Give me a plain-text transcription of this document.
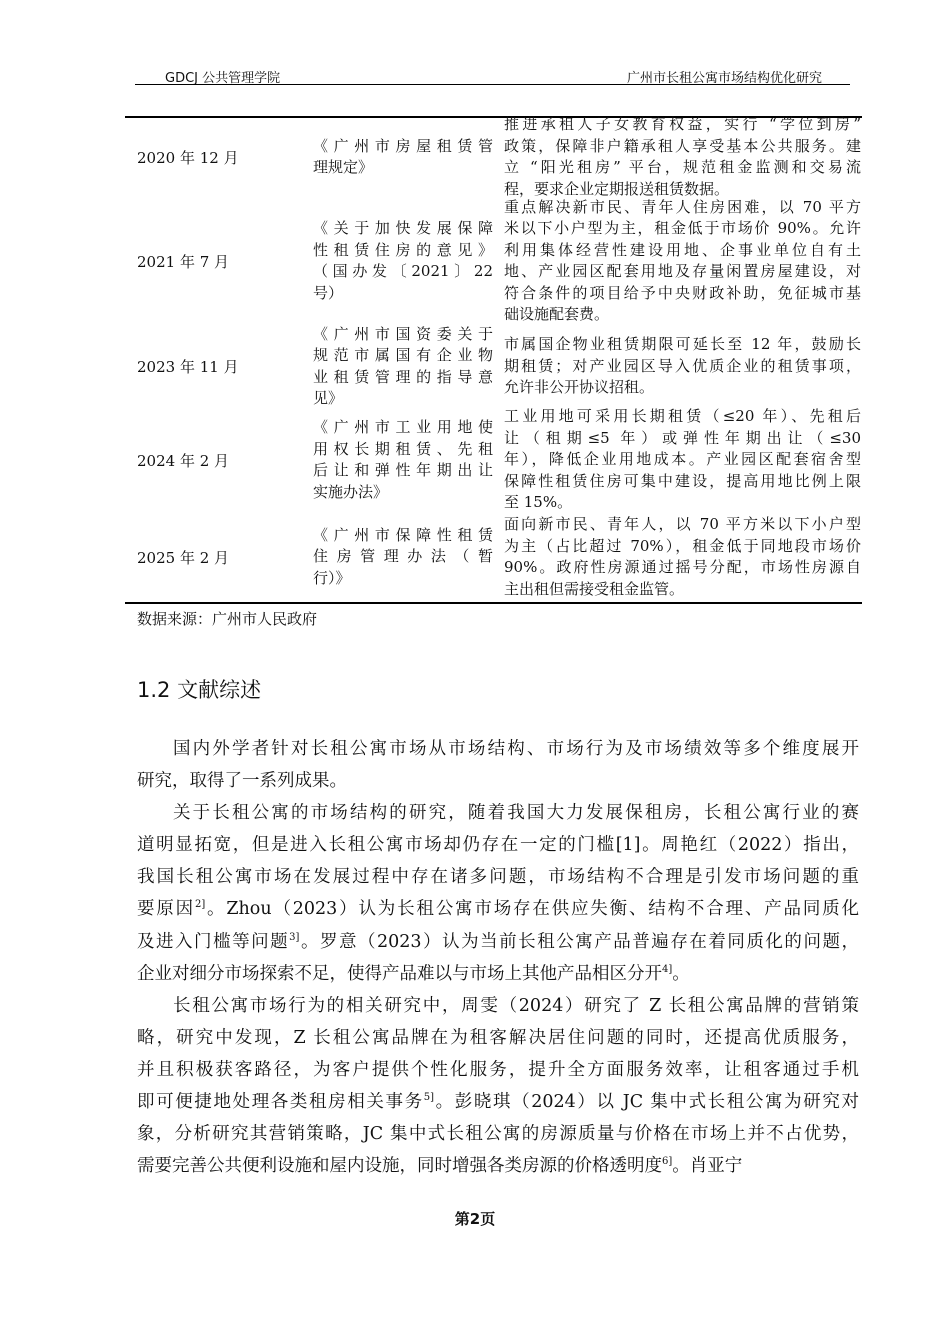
GDCJ 公共管理学院	广州市长租公寓市场结构优化研究
2020 年 12 月
《广州市房屋租赁管
理规定》
推进承租人子女教育权益，实行 “学位到房”
政策，保障非户籍承租人享受基本公共服务。建
立 “阳光租房” 平台，规范租金监测和交易流
程，要求企业定期报送租赁数据。
2021 年 7 月
《关于加快发展保障
性租赁住房的意见》
（国办发〔2021〕22
号）
重点解决新市民、青年人住房困难，以 70 平方
米以下小户型为主，租金低于市场价 90%。允许
利用集体经营性建设用地、企事业单位自有土
地、产业园区配套用地及存量闲置房屋建设，对
符合条件的项目给予中央财政补助，免征城市基
础设施配套费。
2023 年 11 月
《广州市国资委关于
规范市属国有企业物
业租赁管理的指导意
见》
市属国企物业租赁期限可延长至 12 年，鼓励长
期租赁；对产业园区导入优质企业的租赁事项，
允许非公开协议招租。
2024 年 2 月
《广州市工业用地使
用权长期租赁、先租
后让和弹性年期出让
实施办法》
工业用地可采用长期租赁（≤20 年）、先租后
让（租期≤5 年）或弹性年期出让（≤30
年），降低企业用地成本。产业园区配套宿舍型
保障性租赁住房可集中建设，提高用地比例上限
至 15%。
2025 年 2 月
《广州市保障性租赁
住房管理办法（暂
行）》
面向新市民、青年人，以 70 平方米以下小户型
为主（占比超过 70%），租金低于同地段市场价
90%。政府性房源通过摇号分配，市场性房源自
主出租但需接受租金监管。
数据来源：广州市人民政府
1.2 文献综述
国内外学者针对长租公寓市场从市场结构、市场行为及市场绩效等多个维度展开
研究，取得了一系列成果。
关于长租公寓的市场结构的研究，随着我国大力发展保租房，长租公寓行业的赛
道明显拓宽，但是进入长租公寓市场却仍存在一定的门槛[1]。周艳红（2022）指出，
我国长租公寓市场在发展过程中存在诸多问题，市场结构不合理是引发市场问题的重
要原因$^{\^{}[2]}$。Zhou（2023）认为长租公寓市场存在供应失衡、结构不合理、产品同质化
及进入门槛等问题$^{\^{}[3]}$。罗意（2023）认为当前长租公寓产品普遍存在着同质化的问题，
企业对细分市场探索不足，使得产品难以与市场上其他产品相区分开$^{\^{}[4]}$。
长租公寓市场行为的相关研究中，周雯（2024）研究了 Z 长租公寓品牌的营销策
略，研究中发现，Z 长租公寓品牌在为租客解决居住问题的同时，还提高优质服务，
并且积极获客路径，为客户提供个性化服务，提升全方面服务效率，让租客通过手机
即可便捷地处理各类租房相关事务$^{\^{}[5]}$。彭晓琪（2024）以 JC 集中式长租公寓为研究对
象，分析研究其营销策略，JC 集中式长租公寓的房源质量与价格在市场上并不占优势，
需要完善公共便利设施和屋内设施，同时增强各类房源的价格透明度$^{\^{}[6]}$。肖亚宁
第2页
